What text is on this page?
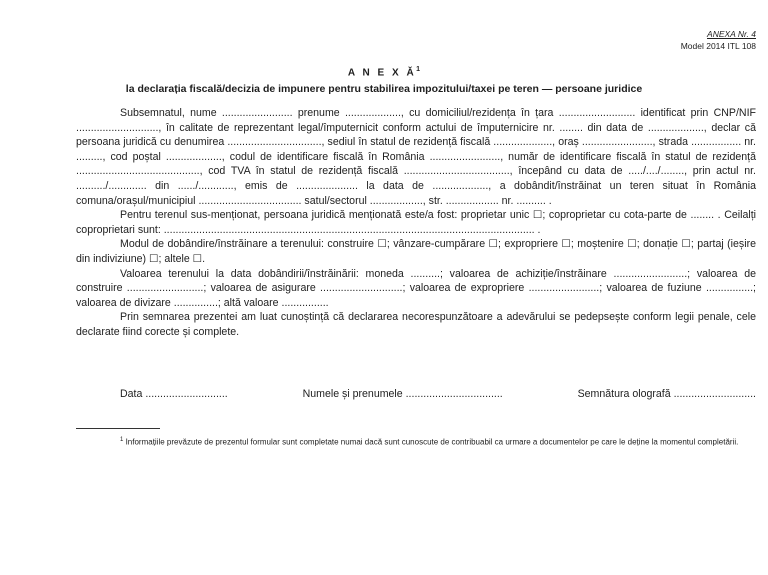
ANEXA Nr. 4
Model 2014 ITL 108
A N E X $Ă^1$
la declarația fiscală/decizia de impunere pentru stabilirea impozitului/taxei pe teren — persoane juridice

Subsemnatul, nume ........................ prenume ..................., cu domiciliul/rezidența în țara .......................... identificat prin CNP/NIF ............................, în calitate de reprezentant legal/împuternicit conform actului de împuternicire nr. ........ din data de ..................., declar că persoana juridică cu denumirea ................................, sediul în statul de rezidență fiscală ...................., oraș ........................, strada ................. nr. ........., cod poștal ..................., codul de identificare fiscală în România ........................, număr de identificare fiscală în statul de rezidență .........................................., cod TVA în statul de rezidență fiscală ...................................., începând cu data de ...../..../........, prin actul nr. ........../............. din ....../............, emis de ..................... la data de ..................., a dobândit/înstrăinat un teren situat în România comuna/orașul/municipiul ................................... satul/sectorul .................., str. .................. nr. .......... .

Pentru terenul sus-menționat, persoana juridică menționată este/a fost: proprietar unic ☐; coproprietar cu cota-parte de ........ . Ceilalți coproprietari sunt: .............................................................................................................................. .

Modul de dobândire/înstrăinare a terenului: construire ☐; vânzare-cumpărare ☐; expropriere ☐; moștenire ☐; donație ☐; partaj (ieșire din indiviziune) ☐; altele ☐.

Valoarea terenului la data dobândirii/înstrăinării: moneda ..........; valoarea de achiziție/înstrăinare .........................; valoarea de construire ..........................; valoarea de asigurare ............................; valoarea de expropriere ........................; valoarea de fuziune ................; valoarea de divizare ...............; altă valoare ................

Prin semnarea prezentei am luat cunoștință că declararea necorespunzătoare a adevărului se pedepsește conform legii penale, cele declarate fiind corecte și complete.

Data ............................	Numele și prenumele .................................	Semnătura olografă ............................
$^1$ Informațiile prevăzute de prezentul formular sunt completate numai dacă sunt cunoscute de contribuabil ca urmare a documentelor pe care le deține la momentul completării.
